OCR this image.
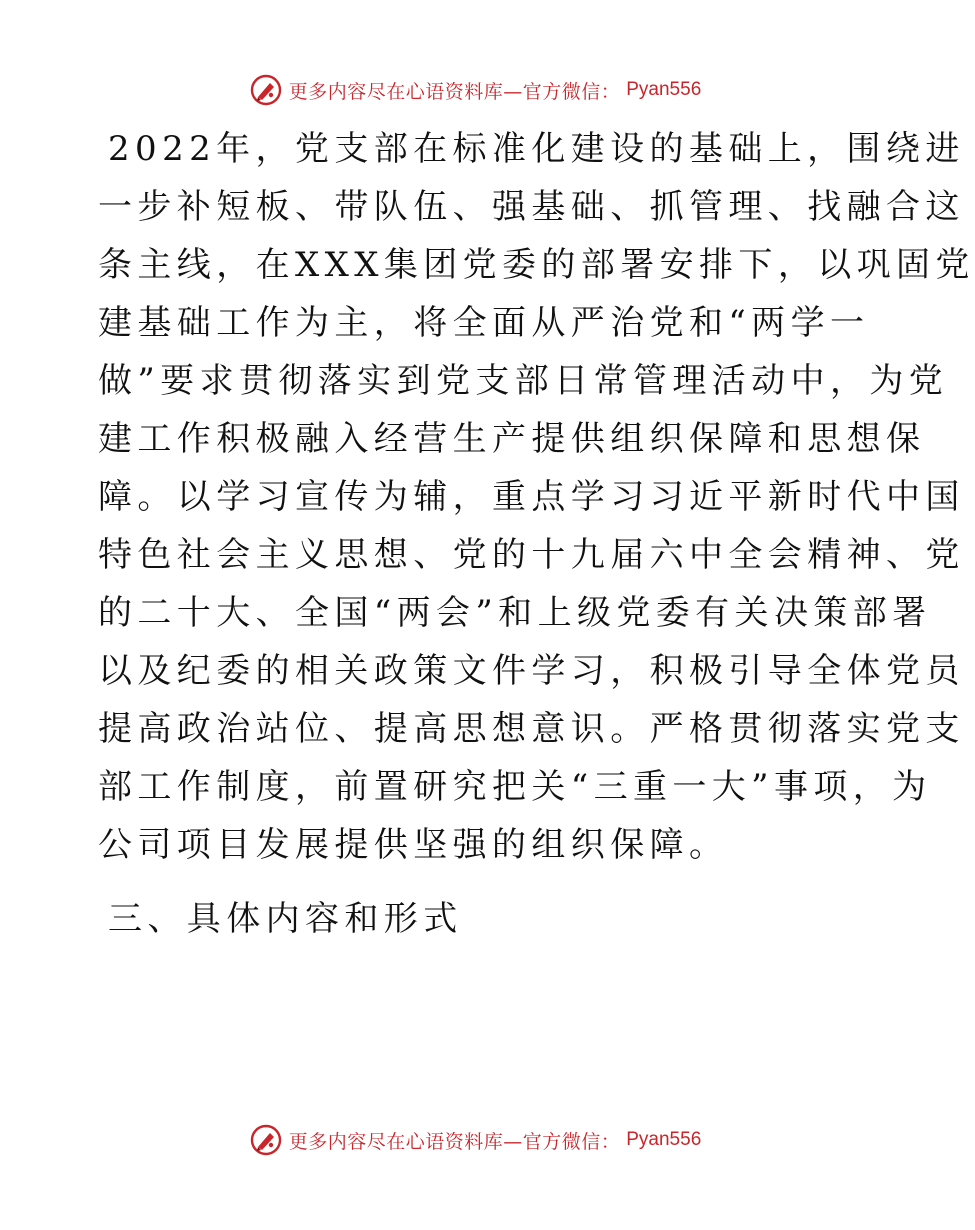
更多内容尽在心语资料库—官方微信： Pyan556
2022年，党支部在标准化建设的基础上，围绕进
一步补短板、带队伍、强基础、抓管理、找融合这
条主线，在XXX集团党委的部署安排下，以巩固党
建基础工作为主，将全面从严治党和“两学一
做”要求贯彻落实到党支部日常管理活动中，为党
建工作积极融入经营生产提供组织保障和思想保
障。以学习宣传为辅，重点学习习近平新时代中国
特色社会主义思想、党的十九届六中全会精神、党
的二十大、全国“两会”和上级党委有关决策部署
以及纪委的相关政策文件学习，积极引导全体党员
提高政治站位、提高思想意识。严格贯彻落实党支
部工作制度，前置研究把关“三重一大”事项，为
公司项目发展提供坚强的组织保障。
三、具体内容和形式
更多内容尽在心语资料库—官方微信： Pyan556
